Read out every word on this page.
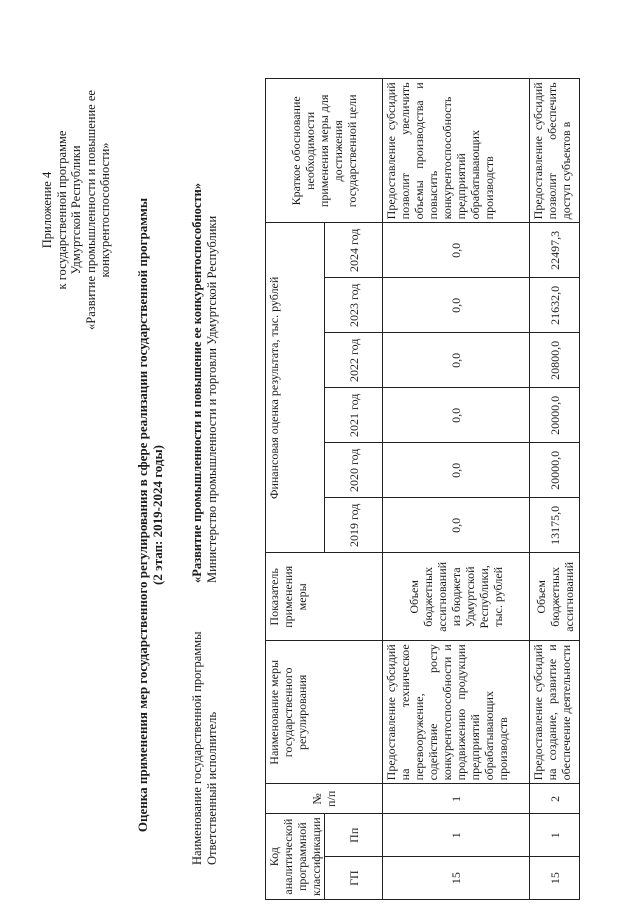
Приложение 4 к государственной программе Удмуртской Республики «Развитие промышленности и повышение ее конкурентоспособности» Оценка применения мер государственного регулирования в сфере реализации государственной программы (2 этап: 2019-2024 годы)
Наименование государственной программы Ответственный исполнитель
«Развитие промышленности и повышение ее конкурентоспособности» Министерство промышленности и торговли Удмуртской Республики
Код аналитической программной классификации		№ п/п	Наименование меры государственного регулирования	Показатель применения меры	Финансовая оценка результата, тыс. рублей						Краткое обоснование необходимости применения меры для достижения государственной цели
ГП	Пп				2019 год	2020 год	2021 год	2022 год	2023 год	2024 год	
15	1	1	Предоставление субсидий на техническое перевооружение, содействие росту конкурентоспособности и продвижению продукции предприятий обрабатывающих производств	Объем бюджетных ассигнований из бюджета Удмуртской Республики, тыс. рублей	0,0	0,0	0,0	0,0	0,0	0,0	Предоставление субсидий позволит увеличить объемы производства и повысить конкурентоспособность предприятий обрабатывающих производств
15	1	2	Предоставление субсидий на создание, развитие и обеспечение деятельности	Объем бюджетных ассигнований	13175,0	20000,0	20000,0	20800,0	21632,0	22497,3	Предоставление субсидий позволит обеспечить доступ субъектов в
